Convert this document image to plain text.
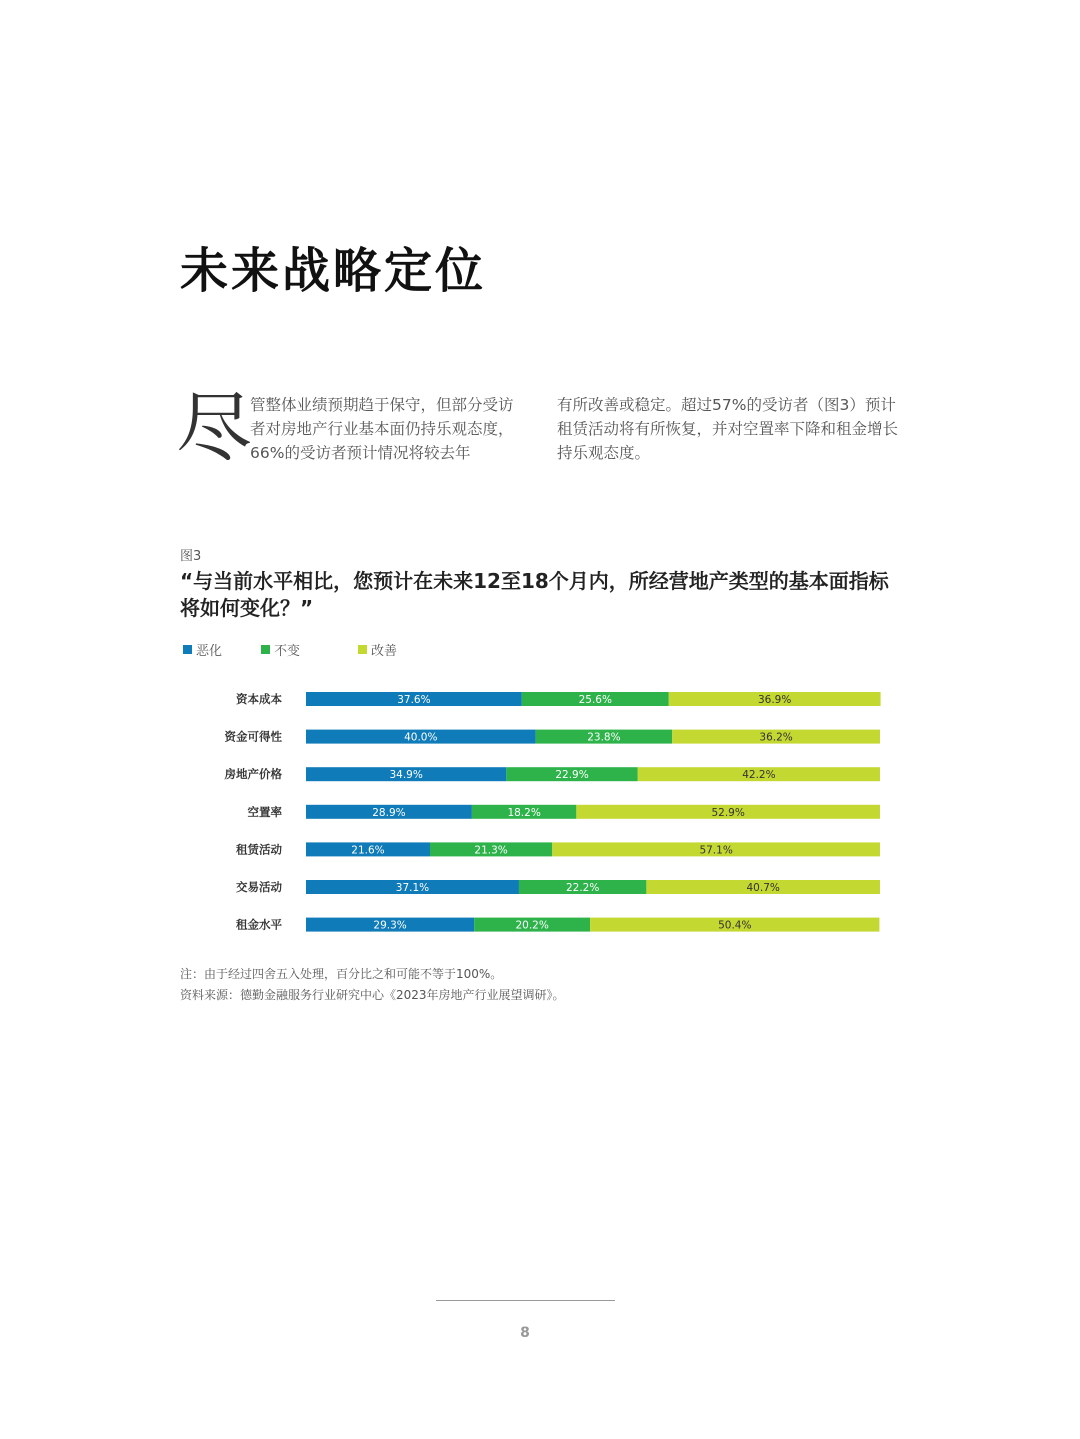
未来战略定位
尽
管整体业绩预期趋于保守，但部分受访者对房地产行业基本面仍持乐观态度，66%的受访者预计情况将较去年
有所改善或稳定。超过57%的受访者（图3）预计租赁活动将有所恢复，并对空置率下降和租金增长持乐观态度。
图3
“与当前水平相比，您预计在未来12至18个月内，所经营地产类型的基本面指标将如何变化？”
恶化	不变	改善
资本成本	37.6%	25.6%	36.9%
资金可得性	40.0%	23.8%	36.2%
房地产价格	34.9%	22.9%	42.2%
空置率	28.9%	18.2%	52.9%
租赁活动	21.6%	21.3%	57.1%
交易活动	37.1%	22.2%	40.7%
租金水平	29.3%	20.2%	50.4%
注：由于经过四舍五入处理，百分比之和可能不等于100%。
资料来源：德勤金融服务行业研究中心《2023年房地产行业展望调研》。
8
